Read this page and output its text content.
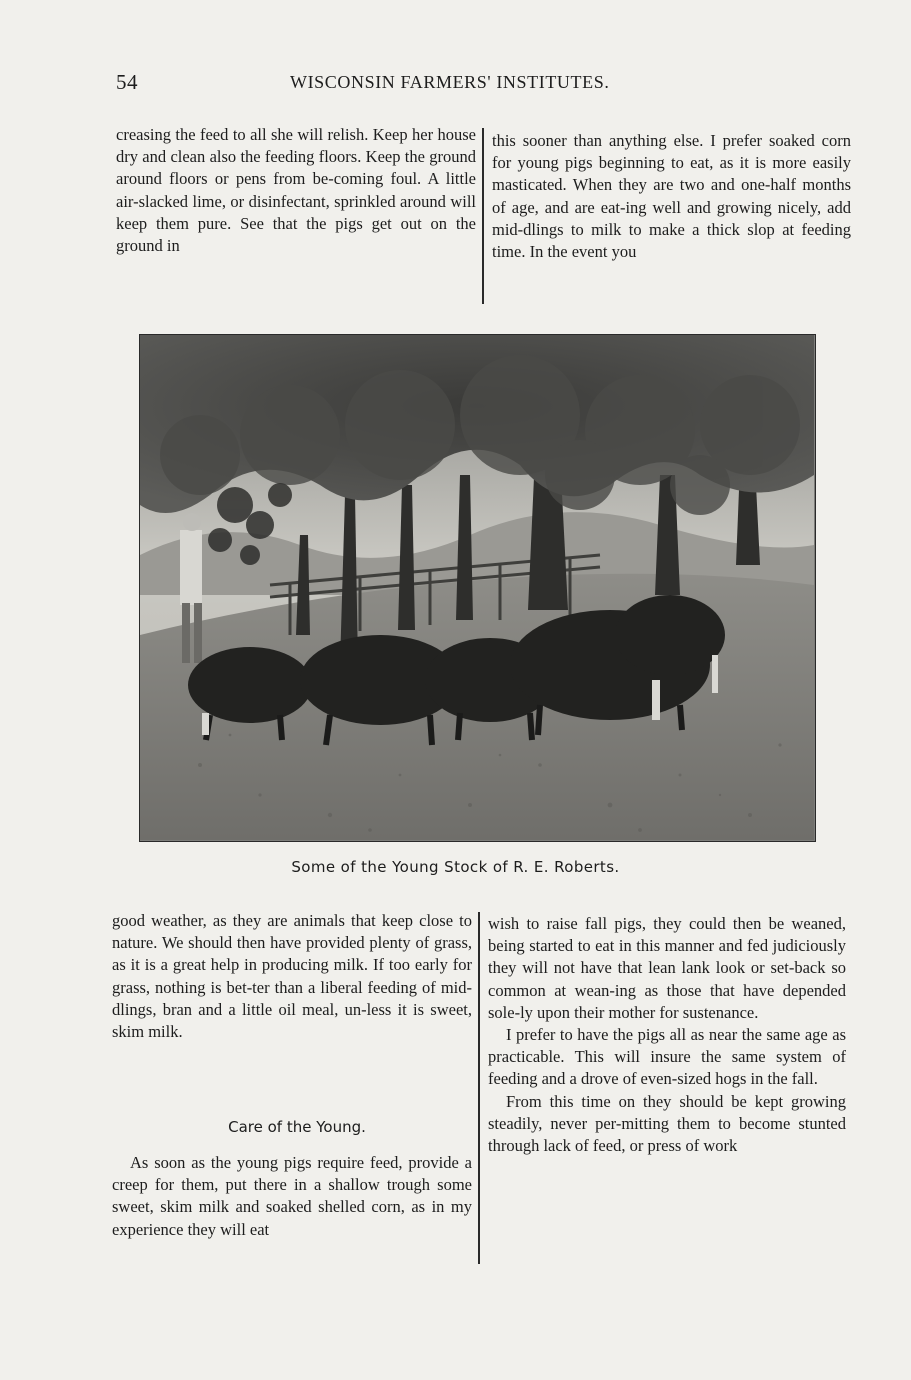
54	WISCONSIN FARMERS' INSTITUTES.

creasing the feed to all she will relish. Keep her house dry and clean also the feeding floors. Keep the ground around floors or pens from be-coming foul. A little air-slacked lime, or disinfectant, sprinkled around will keep them pure. See that the pigs get out on the ground in

this sooner than anything else. I prefer soaked corn for young pigs beginning to eat, as it is more easily masticated. When they are two and one-half months of age, and are eat-ing well and growing nicely, add mid-dlings to milk to make a thick slop at feeding time. In the event you

Some of the Young Stock of R. E. Roberts.

good weather, as they are animals that keep close to nature. We should then have provided plenty of grass, as it is a great help in producing milk. If too early for grass, nothing is bet-ter than a liberal feeding of mid-dlings, bran and a little oil meal, un-less it is sweet, skim milk.

Care of the Young.

As soon as the young pigs require feed, provide a creep for them, put there in a shallow trough some sweet, skim milk and soaked shelled corn, as in my experience they will eat

wish to raise fall pigs, they could then be weaned, being started to eat in this manner and fed judiciously they will not have that lean lank look or set-back so common at wean-ing as those that have depended sole-ly upon their mother for sustenance.

I prefer to have the pigs all as near the same age as practicable. This will insure the same system of feeding and a drove of even-sized hogs in the fall.

From this time on they should be kept growing steadily, never per-mitting them to become stunted through lack of feed, or press of work
